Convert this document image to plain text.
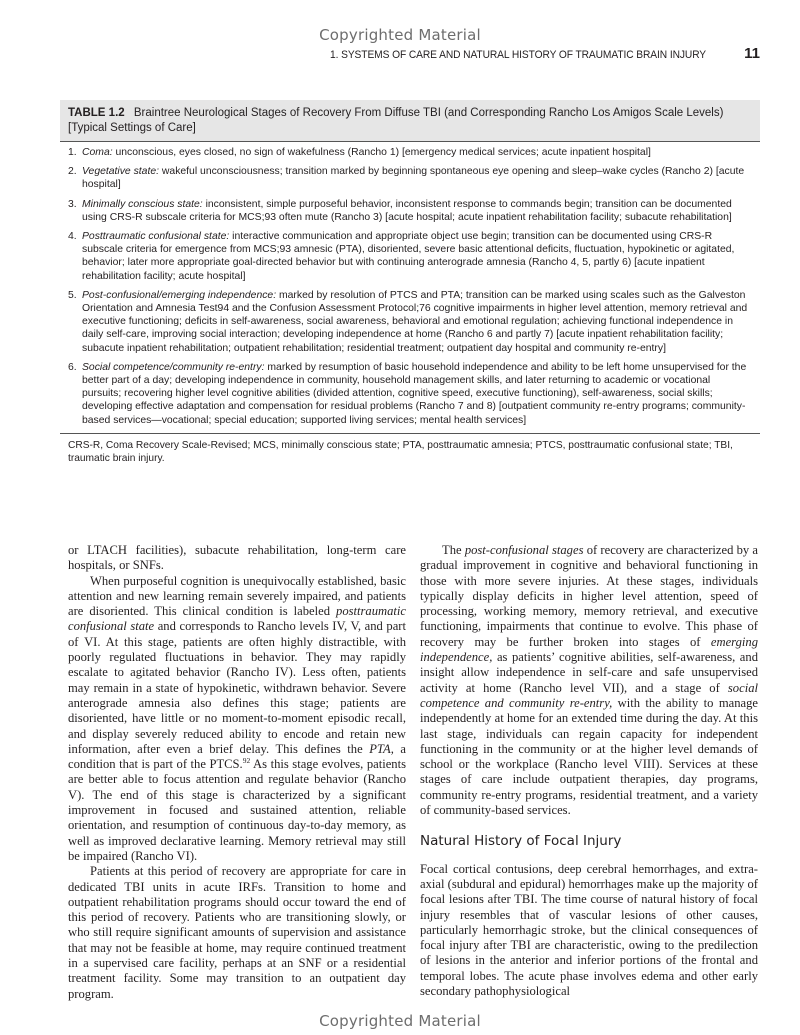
Copyrighted Material
1. SYSTEMS OF CARE AND NATURAL HISTORY OF TRAUMATIC BRAIN INJURY	11
TABLE 1.2 Braintree Neurological Stages of Recovery From Diffuse TBI (and Corresponding Rancho Los Amigos Scale Levels) [Typical Settings of Care]
1. Coma: unconscious, eyes closed, no sign of wakefulness (Rancho 1) [emergency medical services; acute inpatient hospital]
2. Vegetative state: wakeful unconsciousness; transition marked by beginning spontaneous eye opening and sleep–wake cycles (Rancho 2) [acute hospital]
3. Minimally conscious state: inconsistent, simple purposeful behavior, inconsistent response to commands begin; transition can be documented using CRS-R subscale criteria for MCS;93 often mute (Rancho 3) [acute hospital; acute inpatient rehabilitation facility; subacute rehabilitation]
4. Posttraumatic confusional state: interactive communication and appropriate object use begin; transition can be documented using CRS-R subscale criteria for emergence from MCS;93 amnesic (PTA), disoriented, severe basic attentional deficits, fluctuation, hypokinetic or agitated, behavior; later more appropriate goal-directed behavior but with continuing anterograde amnesia (Rancho 4, 5, partly 6) [acute inpatient rehabilitation facility; acute hospital]
5. Post-confusional/emerging independence: marked by resolution of PTCS and PTA; transition can be marked using scales such as the Galveston Orientation and Amnesia Test94 and the Confusion Assessment Protocol;76 cognitive impairments in higher level attention, memory retrieval and executive functioning; deficits in self-awareness, social awareness, behavioral and emotional regulation; achieving functional independence in daily self-care, improving social interaction; developing independence at home (Rancho 6 and partly 7) [acute inpatient rehabilitation facility; subacute inpatient rehabilitation; outpatient rehabilitation; residential treatment; outpatient day hospital and community re-entry]
6. Social competence/community re-entry: marked by resumption of basic household independence and ability to be left home unsupervised for the better part of a day; developing independence in community, household management skills, and later returning to academic or vocational pursuits; recovering higher level cognitive abilities (divided attention, cognitive speed, executive functioning), self-awareness, social skills; developing effective adaptation and compensation for residual problems (Rancho 7 and 8) [outpatient community re-entry programs; community-based services—vocational; special education; supported living services; mental health services]
CRS-R, Coma Recovery Scale-Revised; MCS, minimally conscious state; PTA, posttraumatic amnesia; PTCS, posttraumatic confusional state; TBI, traumatic brain injury.

or LTACH facilities), subacute rehabilitation, long-term care hospitals, or SNFs.

When purposeful cognition is unequivocally established, basic attention and new learning remain severely impaired, and patients are disoriented. This clinical condition is labeled posttraumatic confusional state and corresponds to Rancho levels IV, V, and part of VI. At this stage, patients are often highly distractible, with poorly regulated fluctuations in behavior. They may rapidly escalate to agitated behavior (Rancho IV). Less often, patients may remain in a state of hypokinetic, withdrawn behavior. Severe anterograde amnesia also defines this stage; patients are disoriented, have little or no moment-to-moment episodic recall, and display severely reduced ability to encode and retain new information, after even a brief delay. This defines the PTA, a condition that is part of the PTCS.$^{92}$ As this stage evolves, patients are better able to focus attention and regulate behavior (Rancho V). The end of this stage is characterized by a significant improvement in focused and sustained attention, reliable orientation, and resumption of continuous day-to-day memory, as well as improved declarative learning. Memory retrieval may still be impaired (Rancho VI).

Patients at this period of recovery are appropriate for care in dedicated TBI units in acute IRFs. Transition to home and outpatient rehabilitation programs should occur toward the end of this period of recovery. Patients who are transitioning slowly, or who still require significant amounts of supervision and assistance that may not be feasible at home, may require continued treatment in a supervised care facility, perhaps at an SNF or a residential treatment facility. Some may transition to an outpatient day program.

The post-confusional stages of recovery are characterized by a gradual improvement in cognitive and behavioral functioning in those with more severe injuries. At these stages, individuals typically display deficits in higher level attention, speed of processing, working memory, memory retrieval, and executive functioning, impairments that continue to evolve. This phase of recovery may be further broken into stages of emerging independence, as patients’ cognitive abilities, self-awareness, and insight allow independence in self-care and safe unsupervised activity at home (Rancho level VII), and a stage of social competence and community re-entry, with the ability to manage independently at home for an extended time during the day. At this last stage, individuals can regain capacity for independent functioning in the community or at the higher level demands of school or the workplace (Rancho level VIII). Services at these stages of care include outpatient therapies, day programs, community re-entry programs, residential treatment, and a variety of community-based services.

Natural History of Focal Injury

Focal cortical contusions, deep cerebral hemorrhages, and extra-axial (subdural and epidural) hemorrhages make up the majority of focal lesions after TBI. The time course of natural history of focal injury resembles that of vascular lesions of other causes, particularly hemorrhagic stroke, but the clinical consequences of focal injury after TBI are characteristic, owing to the predilection of lesions in the anterior and inferior portions of the frontal and temporal lobes. The acute phase involves edema and other early secondary pathophysiological

Copyrighted Material
